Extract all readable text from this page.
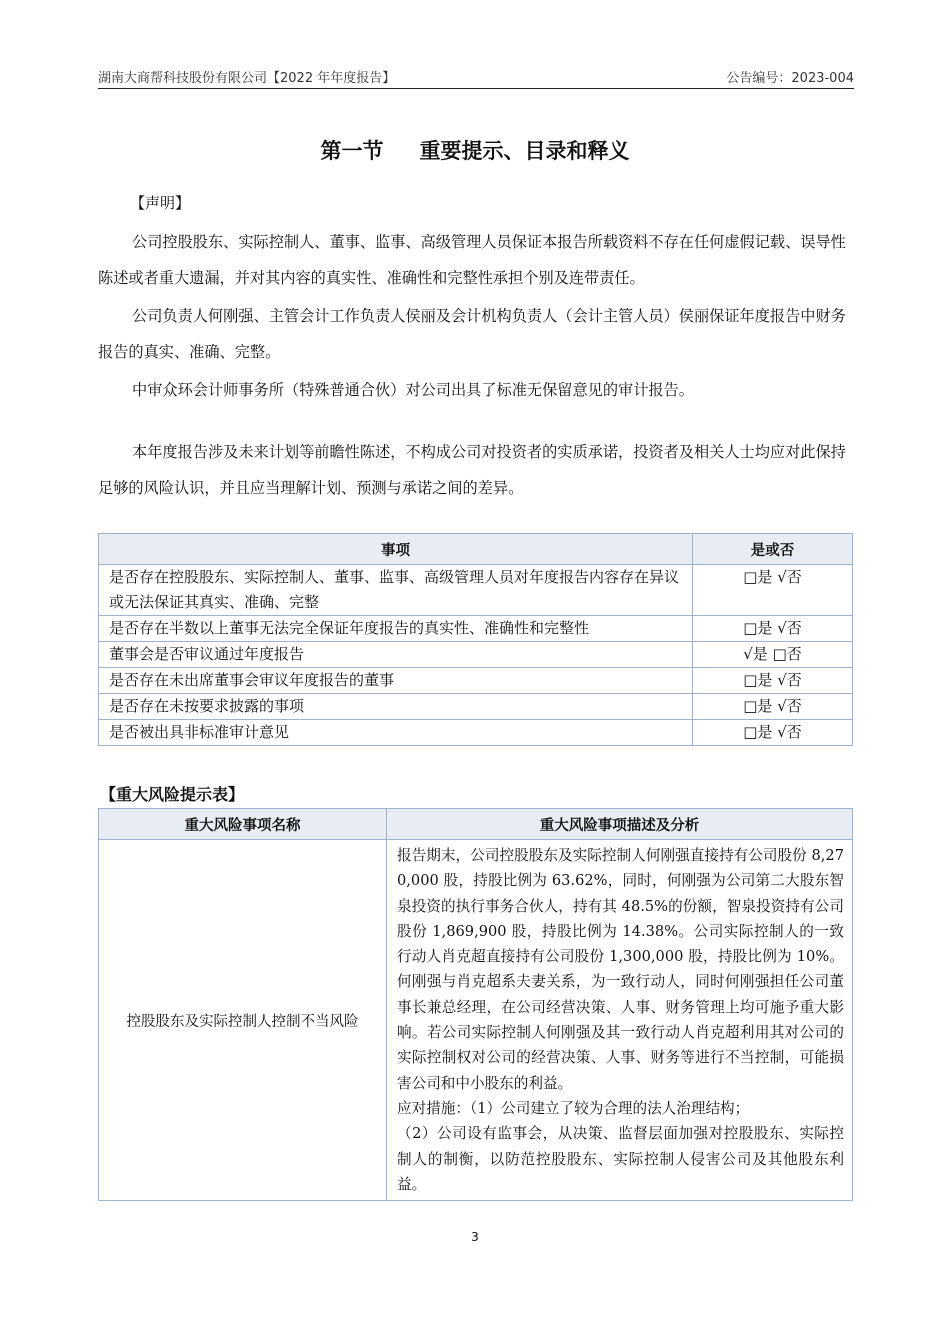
湖南大商帮科技股份有限公司【2022 年年度报告】	公告编号：2023-004
第一节 重要提示、目录和释义
【声明】

公司控股股东、实际控制人、董事、监事、高级管理人员保证本报告所载资料不存在任何虚假记载、误导性陈述或者重大遗漏，并对其内容的真实性、准确性和完整性承担个别及连带责任。

公司负责人何刚强、主管会计工作负责人侯丽及会计机构负责人（会计主管人员）侯丽保证年度报告中财务报告的真实、准确、完整。

中审众环会计师事务所（特殊普通合伙）对公司出具了标准无保留意见的审计报告。

本年度报告涉及未来计划等前瞻性陈述，不构成公司对投资者的实质承诺，投资者及相关人士均应对此保持足够的风险认识，并且应当理解计划、预测与承诺之间的差异。

事项	是或否
是否存在控股股东、实际控制人、董事、监事、高级管理人员对年度报告内容存在异议或无法保证其真实、准确、完整	□是 √否
是否存在半数以上董事无法完全保证年度报告的真实性、准确性和完整性	□是 √否
董事会是否审议通过年度报告	√是 □否
是否存在未出席董事会审议年度报告的董事	□是 √否
是否存在未按要求披露的事项	□是 √否
是否被出具非标准审计意见	□是 √否
【重大风险提示表】
重大风险事项名称	重大风险事项描述及分析
控股股东及实际控制人控制不当风险	报告期末，公司控股股东及实际控制人何刚强直接持有公司股份 8,270,000 股，持股比例为 63.62%，同时，何刚强为公司第二大股东智泉投资的执行事务合伙人，持有其 48.5%的份额，智泉投资持有公司股份 1,869,900 股，持股比例为 14.38%。公司实际控制人的一致行动人肖克超直接持有公司股份 1,300,000 股，持股比例为 10%。何刚强与肖克超系夫妻关系，为一致行动人，同时何刚强担任公司董事长兼总经理，在公司经营决策、人事、财务管理上均可施予重大影响。若公司实际控制人何刚强及其一致行动人肖克超利用其对公司的实际控制权对公司的经营决策、人事、财务等进行不当控制，可能损害公司和中小股东的利益。

应对措施：（1）公司建立了较为合理的法人治理结构；

（2）公司设有监事会，从决策、监督层面加强对控股股东、实际控制人的制衡，以防范控股股东、实际控制人侵害公司及其他股东利益。

3
